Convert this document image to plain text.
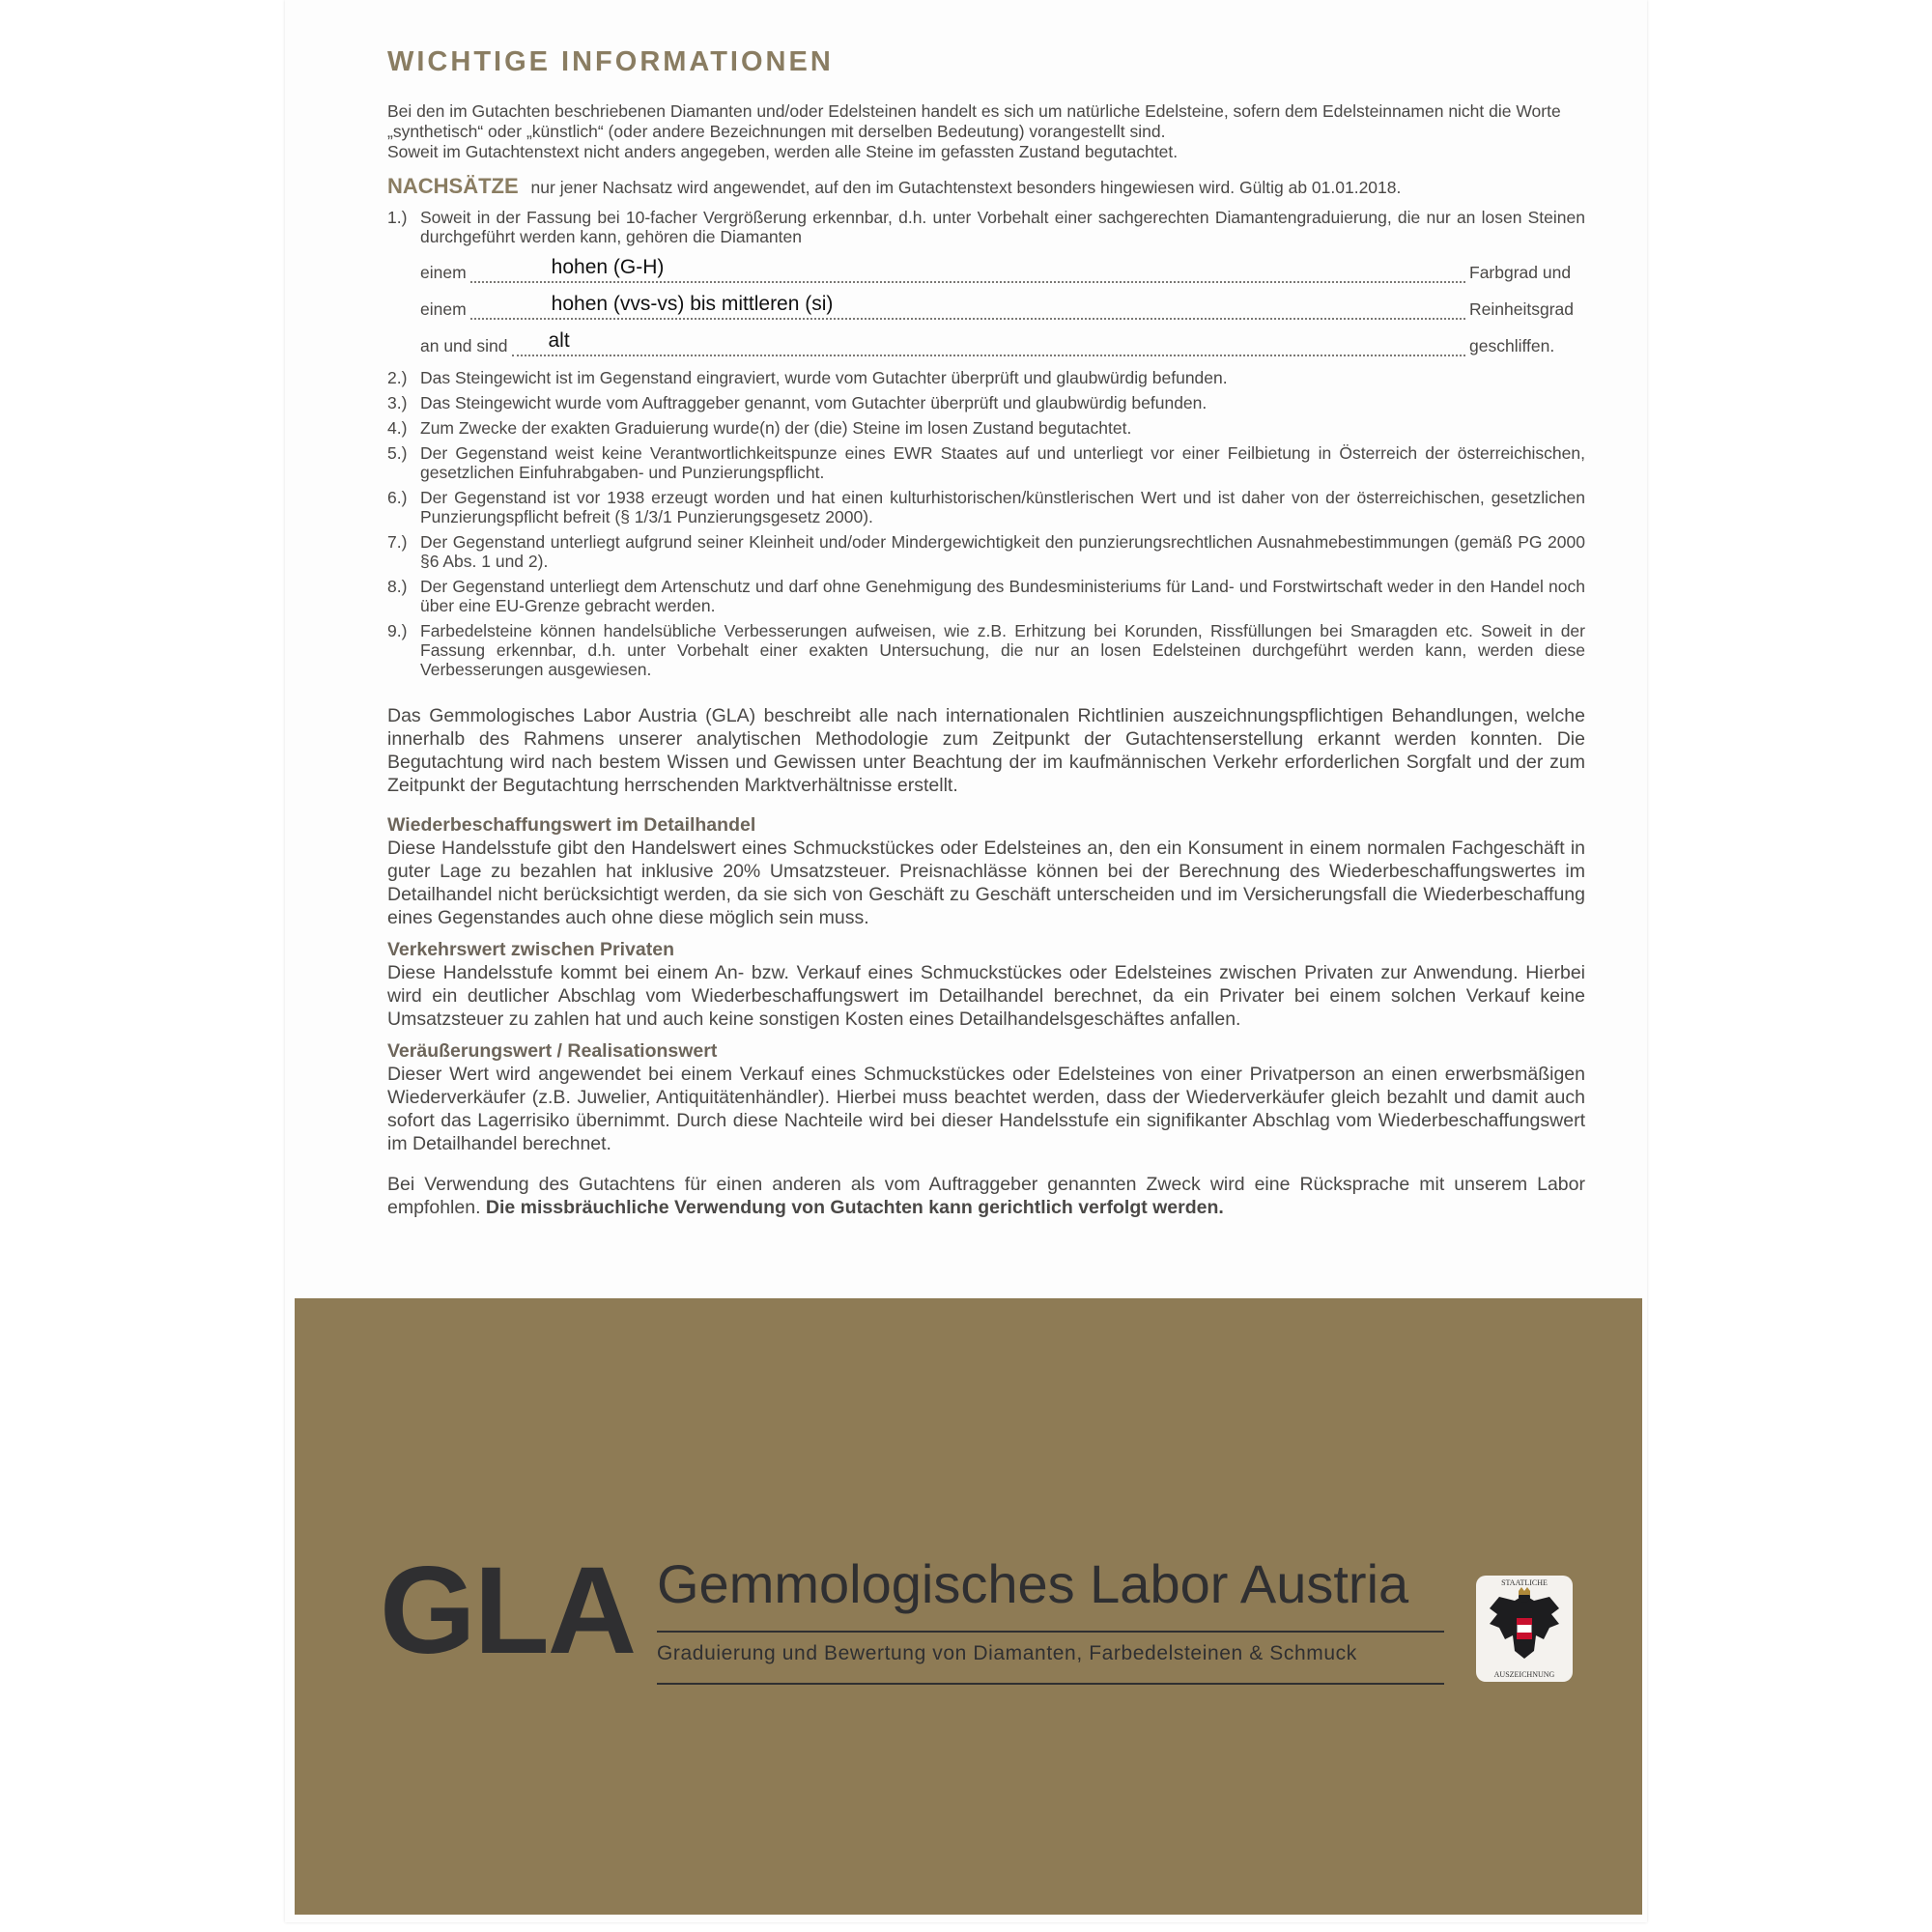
WICHTIGE INFORMATIONEN

Bei den im Gutachten beschriebenen Diamanten und/oder Edelsteinen handelt es sich um natürliche Edelsteine, sofern dem Edelsteinnamen nicht die Worte „synthetisch“ oder „künstlich“ (oder andere Bezeichnungen mit derselben Bedeutung) vorangestellt sind.

Soweit im Gutachtenstext nicht anders angegeben, werden alle Steine im gefassten Zustand begutachtet.

NACHSÄTZE nur jener Nachsatz wird angewendet, auf den im Gutachtenstext besonders hingewiesen wird. Gültig ab 01.01.2018.
1.) Soweit in der Fassung bei 10-facher Vergrößerung erkennbar, d.h. unter Vorbehalt einer sachgerechten Diamantengraduierung, die nur an losen Steinen durchgeführt werden kann, gehören die Diamanten
einem	hohen (G-H)	Farbgrad und
einem	hohen (vvs-vs) bis mittleren (si)	Reinheitsgrad
an und sind alt	geschliffen.
2.) Das Steingewicht ist im Gegenstand eingraviert, wurde vom Gutachter überprüft und glaubwürdig befunden.
3.) Das Steingewicht wurde vom Auftraggeber genannt, vom Gutachter überprüft und glaubwürdig befunden.
4.) Zum Zwecke der exakten Graduierung wurde(n) der (die) Steine im losen Zustand begutachtet.
5.) Der Gegenstand weist keine Verantwortlichkeitspunze eines EWR Staates auf und unterliegt vor einer Feilbietung in Österreich der österreichischen, gesetzlichen Einfuhrabgaben- und Punzierungspflicht.
6.) Der Gegenstand ist vor 1938 erzeugt worden und hat einen kulturhistorischen/künstlerischen Wert und ist daher von der österreichischen, gesetzlichen Punzierungspflicht befreit (§ 1/3/1 Punzierungsgesetz 2000).
7.) Der Gegenstand unterliegt aufgrund seiner Kleinheit und/oder Mindergewichtigkeit den punzierungsrechtlichen Ausnahmebestimmungen (gemäß PG 2000 §6 Abs. 1 und 2).
8.) Der Gegenstand unterliegt dem Artenschutz und darf ohne Genehmigung des Bundesministeriums für Land- und Forstwirtschaft weder in den Handel noch über eine EU-Grenze gebracht werden.
9.) Farbedelsteine können handelsübliche Verbesserungen aufweisen, wie z.B. Erhitzung bei Korunden, Rissfüllungen bei Smaragden etc. Soweit in der Fassung erkennbar, d.h. unter Vorbehalt einer exakten Untersuchung, die nur an losen Edelsteinen durchgeführt werden kann, werden diese Verbesserungen ausgewiesen.

Das Gemmologisches Labor Austria (GLA) beschreibt alle nach internationalen Richtlinien auszeichnungspflichtigen Behandlungen, welche innerhalb des Rahmens unserer analytischen Methodologie zum Zeitpunkt der Gutachtenserstellung erkannt werden konnten. Die Begutachtung wird nach bestem Wissen und Gewissen unter Beachtung der im kaufmännischen Verkehr erforderlichen Sorgfalt und der zum Zeitpunkt der Begutachtung herrschenden Marktverhältnisse erstellt.

Wiederbeschaffungswert im Detailhandel

Diese Handelsstufe gibt den Handelswert eines Schmuckstückes oder Edelsteines an, den ein Konsument in einem normalen Fachgeschäft in guter Lage zu bezahlen hat inklusive 20% Umsatzsteuer. Preisnachlässe können bei der Berechnung des Wiederbeschaffungswertes im Detailhandel nicht berücksichtigt werden, da sie sich von Geschäft zu Geschäft unterscheiden und im Versicherungsfall die Wiederbeschaffung eines Gegenstandes auch ohne diese möglich sein muss.

Verkehrswert zwischen Privaten

Diese Handelsstufe kommt bei einem An- bzw. Verkauf eines Schmuckstückes oder Edelsteines zwischen Privaten zur Anwendung. Hierbei wird ein deutlicher Abschlag vom Wiederbeschaffungswert im Detailhandel berechnet, da ein Privater bei einem solchen Verkauf keine Umsatzsteuer zu zahlen hat und auch keine sonstigen Kosten eines Detailhandelsgeschäftes anfallen.

Veräußerungswert / Realisationswert

Dieser Wert wird angewendet bei einem Verkauf eines Schmuckstückes oder Edelsteines von einer Privatperson an einen erwerbsmäßigen Wiederverkäufer (z.B. Juwelier, Antiquitätenhändler). Hierbei muss beachtet werden, dass der Wiederverkäufer gleich bezahlt und damit auch sofort das Lagerrisiko übernimmt. Durch diese Nachteile wird bei dieser Handelsstufe ein signifikanter Abschlag vom Wiederbeschaffungswert im Detailhandel berechnet.

Bei Verwendung des Gutachtens für einen anderen als vom Auftraggeber genannten Zweck wird eine Rücksprache mit unserem Labor empfohlen. Die missbräuchliche Verwendung von Gutachten kann gerichtlich verfolgt werden.

GLA Gemmologisches Labor Austria
Graduierung und Bewertung von Diamanten, Farbedelsteinen & Schmuck
STAATLICHE
AUSZEICHNUNG
